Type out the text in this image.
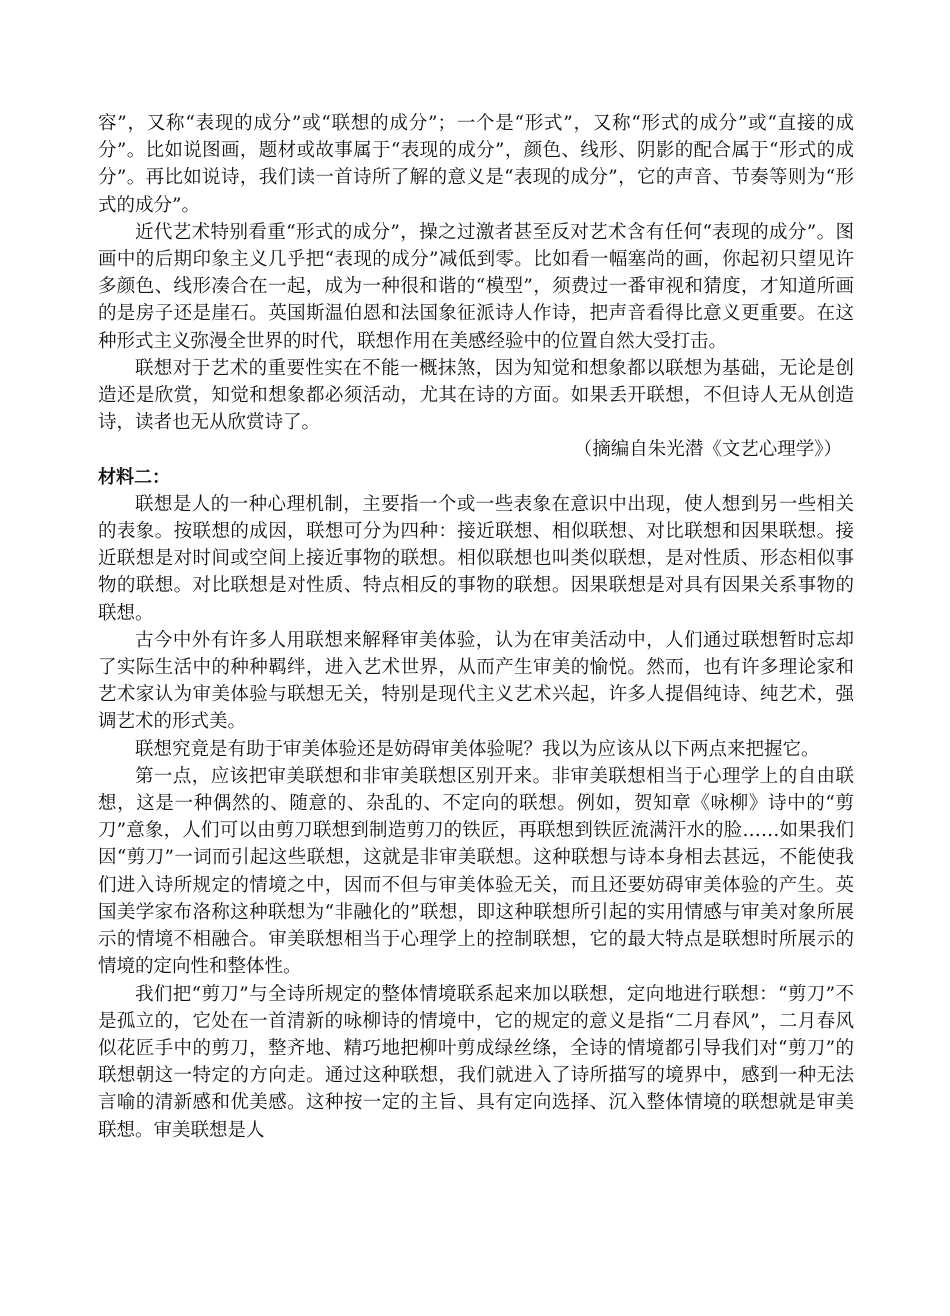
容”，又称“表现的成分”或“联想的成分”；一个是“形式”，又称“形式的成分”或“直接的成分”。比如说图画，题材或故事属于“表现的成分”，颜色、线形、阴影的配合属于“形式的成分”。再比如说诗，我们读一首诗所了解的意义是“表现的成分”，它的声音、节奏等则为“形式的成分”。

近代艺术特别看重“形式的成分”，操之过激者甚至反对艺术含有任何“表现的成分”。图画中的后期印象主义几乎把“表现的成分”减低到零。比如看一幅塞尚的画，你起初只望见许多颜色、线形凑合在一起，成为一种很和谐的“模型”，须费过一番审视和猜度，才知道所画的是房子还是崖石。英国斯温伯恩和法国象征派诗人作诗，把声音看得比意义更重要。在这种形式主义弥漫全世界的时代，联想作用在美感经验中的位置自然大受打击。

联想对于艺术的重要性实在不能一概抹煞，因为知觉和想象都以联想为基础，无论是创造还是欣赏，知觉和想象都必须活动，尤其在诗的方面。如果丢开联想，不但诗人无从创造诗，读者也无从欣赏诗了。

（摘编自朱光潜《文艺心理学》）

材料二：

联想是人的一种心理机制，主要指一个或一些表象在意识中出现，使人想到另一些相关的表象。按联想的成因，联想可分为四种：接近联想、相似联想、对比联想和因果联想。接近联想是对时间或空间上接近事物的联想。相似联想也叫类似联想，是对性质、形态相似事物的联想。对比联想是对性质、特点相反的事物的联想。因果联想是对具有因果关系事物的联想。

古今中外有许多人用联想来解释审美体验，认为在审美活动中，人们通过联想暂时忘却了实际生活中的种种羁绊，进入艺术世界，从而产生审美的愉悦。然而，也有许多理论家和艺术家认为审美体验与联想无关，特别是现代主义艺术兴起，许多人提倡纯诗、纯艺术，强调艺术的形式美。

联想究竟是有助于审美体验还是妨碍审美体验呢？我以为应该从以下两点来把握它。

第一点，应该把审美联想和非审美联想区别开来。非审美联想相当于心理学上的自由联想，这是一种偶然的、随意的、杂乱的、不定向的联想。例如，贺知章《咏柳》诗中的“剪刀”意象，人们可以由剪刀联想到制造剪刀的铁匠，再联想到铁匠流满汗水的脸……如果我们因“剪刀”一词而引起这些联想，这就是非审美联想。这种联想与诗本身相去甚远，不能使我们进入诗所规定的情境之中，因而不但与审美体验无关，而且还要妨碍审美体验的产生。英国美学家布洛称这种联想为“非融化的”联想，即这种联想所引起的实用情感与审美对象所展示的情境不相融合。审美联想相当于心理学上的控制联想，它的最大特点是联想时所展示的情境的定向性和整体性。

我们把“剪刀”与全诗所规定的整体情境联系起来加以联想，定向地进行联想：“剪刀”不是孤立的，它处在一首清新的咏柳诗的情境中，它的规定的意义是指“二月春风”，二月春风似花匠手中的剪刀，整齐地、精巧地把柳叶剪成绿丝绦，全诗的情境都引导我们对“剪刀”的联想朝这一特定的方向走。通过这种联想，我们就进入了诗所描写的境界中，感到一种无法言喻的清新感和优美感。这种按一定的主旨、具有定向选择、沉入整体情境的联想就是审美联想。审美联想是人
